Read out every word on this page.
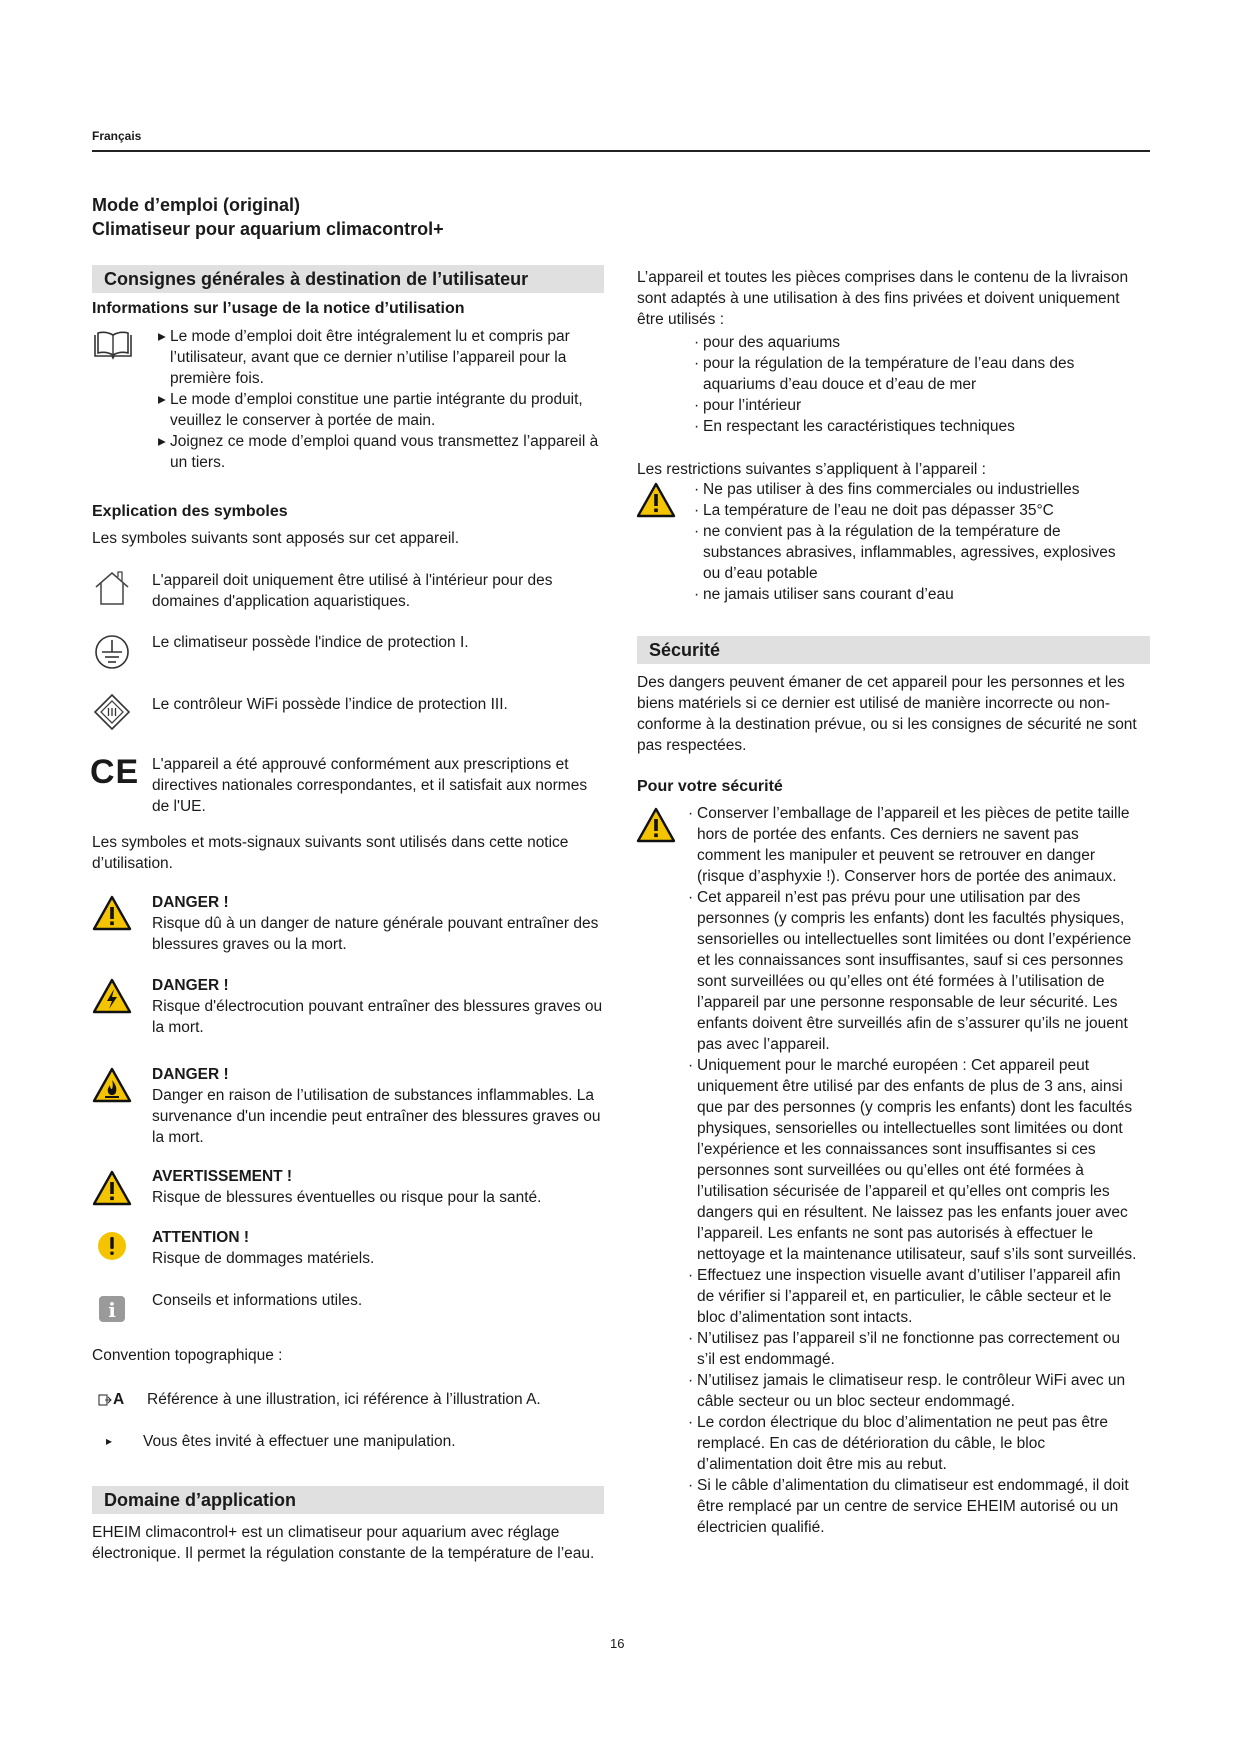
Français
Mode d’emploi (original)
Climatiseur pour aquarium climacontrol+
Consignes générales à destination de l’utilisateur
Informations sur l’usage de la notice d’utilisation
▸ Le mode d’emploi doit être intégralement lu et compris par l’utilisateur, avant que ce dernier n’utilise l’appareil pour la première fois.
▸ Le mode d’emploi constitue une partie intégrante du produit, veuillez le conserver à portée de main.
▸ Joignez ce mode d’emploi quand vous transmettez l’appareil à un tiers.
Explication des symboles
Les symboles suivants sont apposés sur cet appareil.
L'appareil doit uniquement être utilisé à l'intérieur pour des domaines d'application aquaristiques.
Le climatiseur possède l'indice de protection I.
Le contrôleur WiFi possède l’indice de protection III.
CE L'appareil a été approuvé conformément aux prescriptions et directives nationales correspondantes, et il satisfait aux normes de l'UE.
Les symboles et mots-signaux suivants sont utilisés dans cette notice d’utilisation.
DANGER !
Risque dû à un danger de nature générale pouvant entraîner des blessures graves ou la mort.
DANGER !
Risque d'électrocution pouvant entraîner des blessures graves ou la mort.
DANGER !
Danger en raison de l’utilisation de substances inflammables. La survenance d'un incendie peut entraîner des blessures graves ou la mort.
AVERTISSEMENT !
Risque de blessures éventuelles ou risque pour la santé.
ATTENTION !
Risque de dommages matériels.
i Conseils et informations utiles.
Convention topographique :
A Référence à une illustration, ici référence à l’illustration A.
▸ Vous êtes invité à effectuer une manipulation.
Domaine d’application
EHEIM climacontrol+ est un climatiseur pour aquarium avec réglage électronique. Il permet la régulation constante de la température de l’eau.
L’appareil et toutes les pièces comprises dans le contenu de la livraison sont adaptés à une utilisation à des fins privées et doivent uniquement être utilisés :
· pour des aquariums
· pour la régulation de la température de l’eau dans des aquariums d’eau douce et d’eau de mer
· pour l’intérieur
· En respectant les caractéristiques techniques
Les restrictions suivantes s’appliquent à l’appareil :
· Ne pas utiliser à des fins commerciales ou industrielles
· La température de l’eau ne doit pas dépasser 35°C
· ne convient pas à la régulation de la température de substances abrasives, inflammables, agressives, explosives ou d’eau potable
· ne jamais utiliser sans courant d’eau
Sécurité
Des dangers peuvent émaner de cet appareil pour les personnes et les biens matériels si ce dernier est utilisé de manière incorrecte ou non-conforme à la destination prévue, ou si les consignes de sécurité ne sont pas respectées.
Pour votre sécurité
· Conserver l’emballage de l’appareil et les pièces de petite taille hors de portée des enfants. Ces derniers ne savent pas comment les manipuler et peuvent se retrouver en danger (risque d’asphyxie !). Conserver hors de portée des animaux.
· Cet appareil n’est pas prévu pour une utilisation par des personnes (y compris les enfants) dont les facultés physiques, sensorielles ou intellectuelles sont limitées ou dont l’expérience et les connaissances sont insuffisantes, sauf si ces personnes sont surveillées ou qu’elles ont été formées à l’utilisation de l’appareil par une personne responsable de leur sécurité. Les enfants doivent être surveillés afin de s’assurer qu’ils ne jouent pas avec l’appareil.
· Uniquement pour le marché européen : Cet appareil peut uniquement être utilisé par des enfants de plus de 3 ans, ainsi que par des personnes (y compris les enfants) dont les facultés physiques, sensorielles ou intellectuelles sont limitées ou dont l’expérience et les connaissances sont insuffisantes si ces personnes sont surveillées ou qu’elles ont été formées à l’utilisation sécurisée de l’appareil et qu’elles ont compris les dangers qui en résultent. Ne laissez pas les enfants jouer avec l’appareil. Les enfants ne sont pas autorisés à effectuer le nettoyage et la maintenance utilisateur, sauf s’ils sont surveillés.
· Effectuez une inspection visuelle avant d’utiliser l’appareil afin de vérifier si l’appareil et, en particulier, le câble secteur et le bloc d’alimentation sont intacts.
· N’utilisez pas l’appareil s’il ne fonctionne pas correctement ou s’il est endommagé.
· N’utilisez jamais le climatiseur resp. le contrôleur WiFi avec un câble secteur ou un bloc secteur endommagé.
· Le cordon électrique du bloc d’alimentation ne peut pas être remplacé. En cas de détérioration du câble, le bloc d’alimentation doit être mis au rebut.
· Si le câble d’alimentation du climatiseur est endommagé, il doit être remplacé par un centre de service EHEIM autorisé ou un électricien qualifié.
16
